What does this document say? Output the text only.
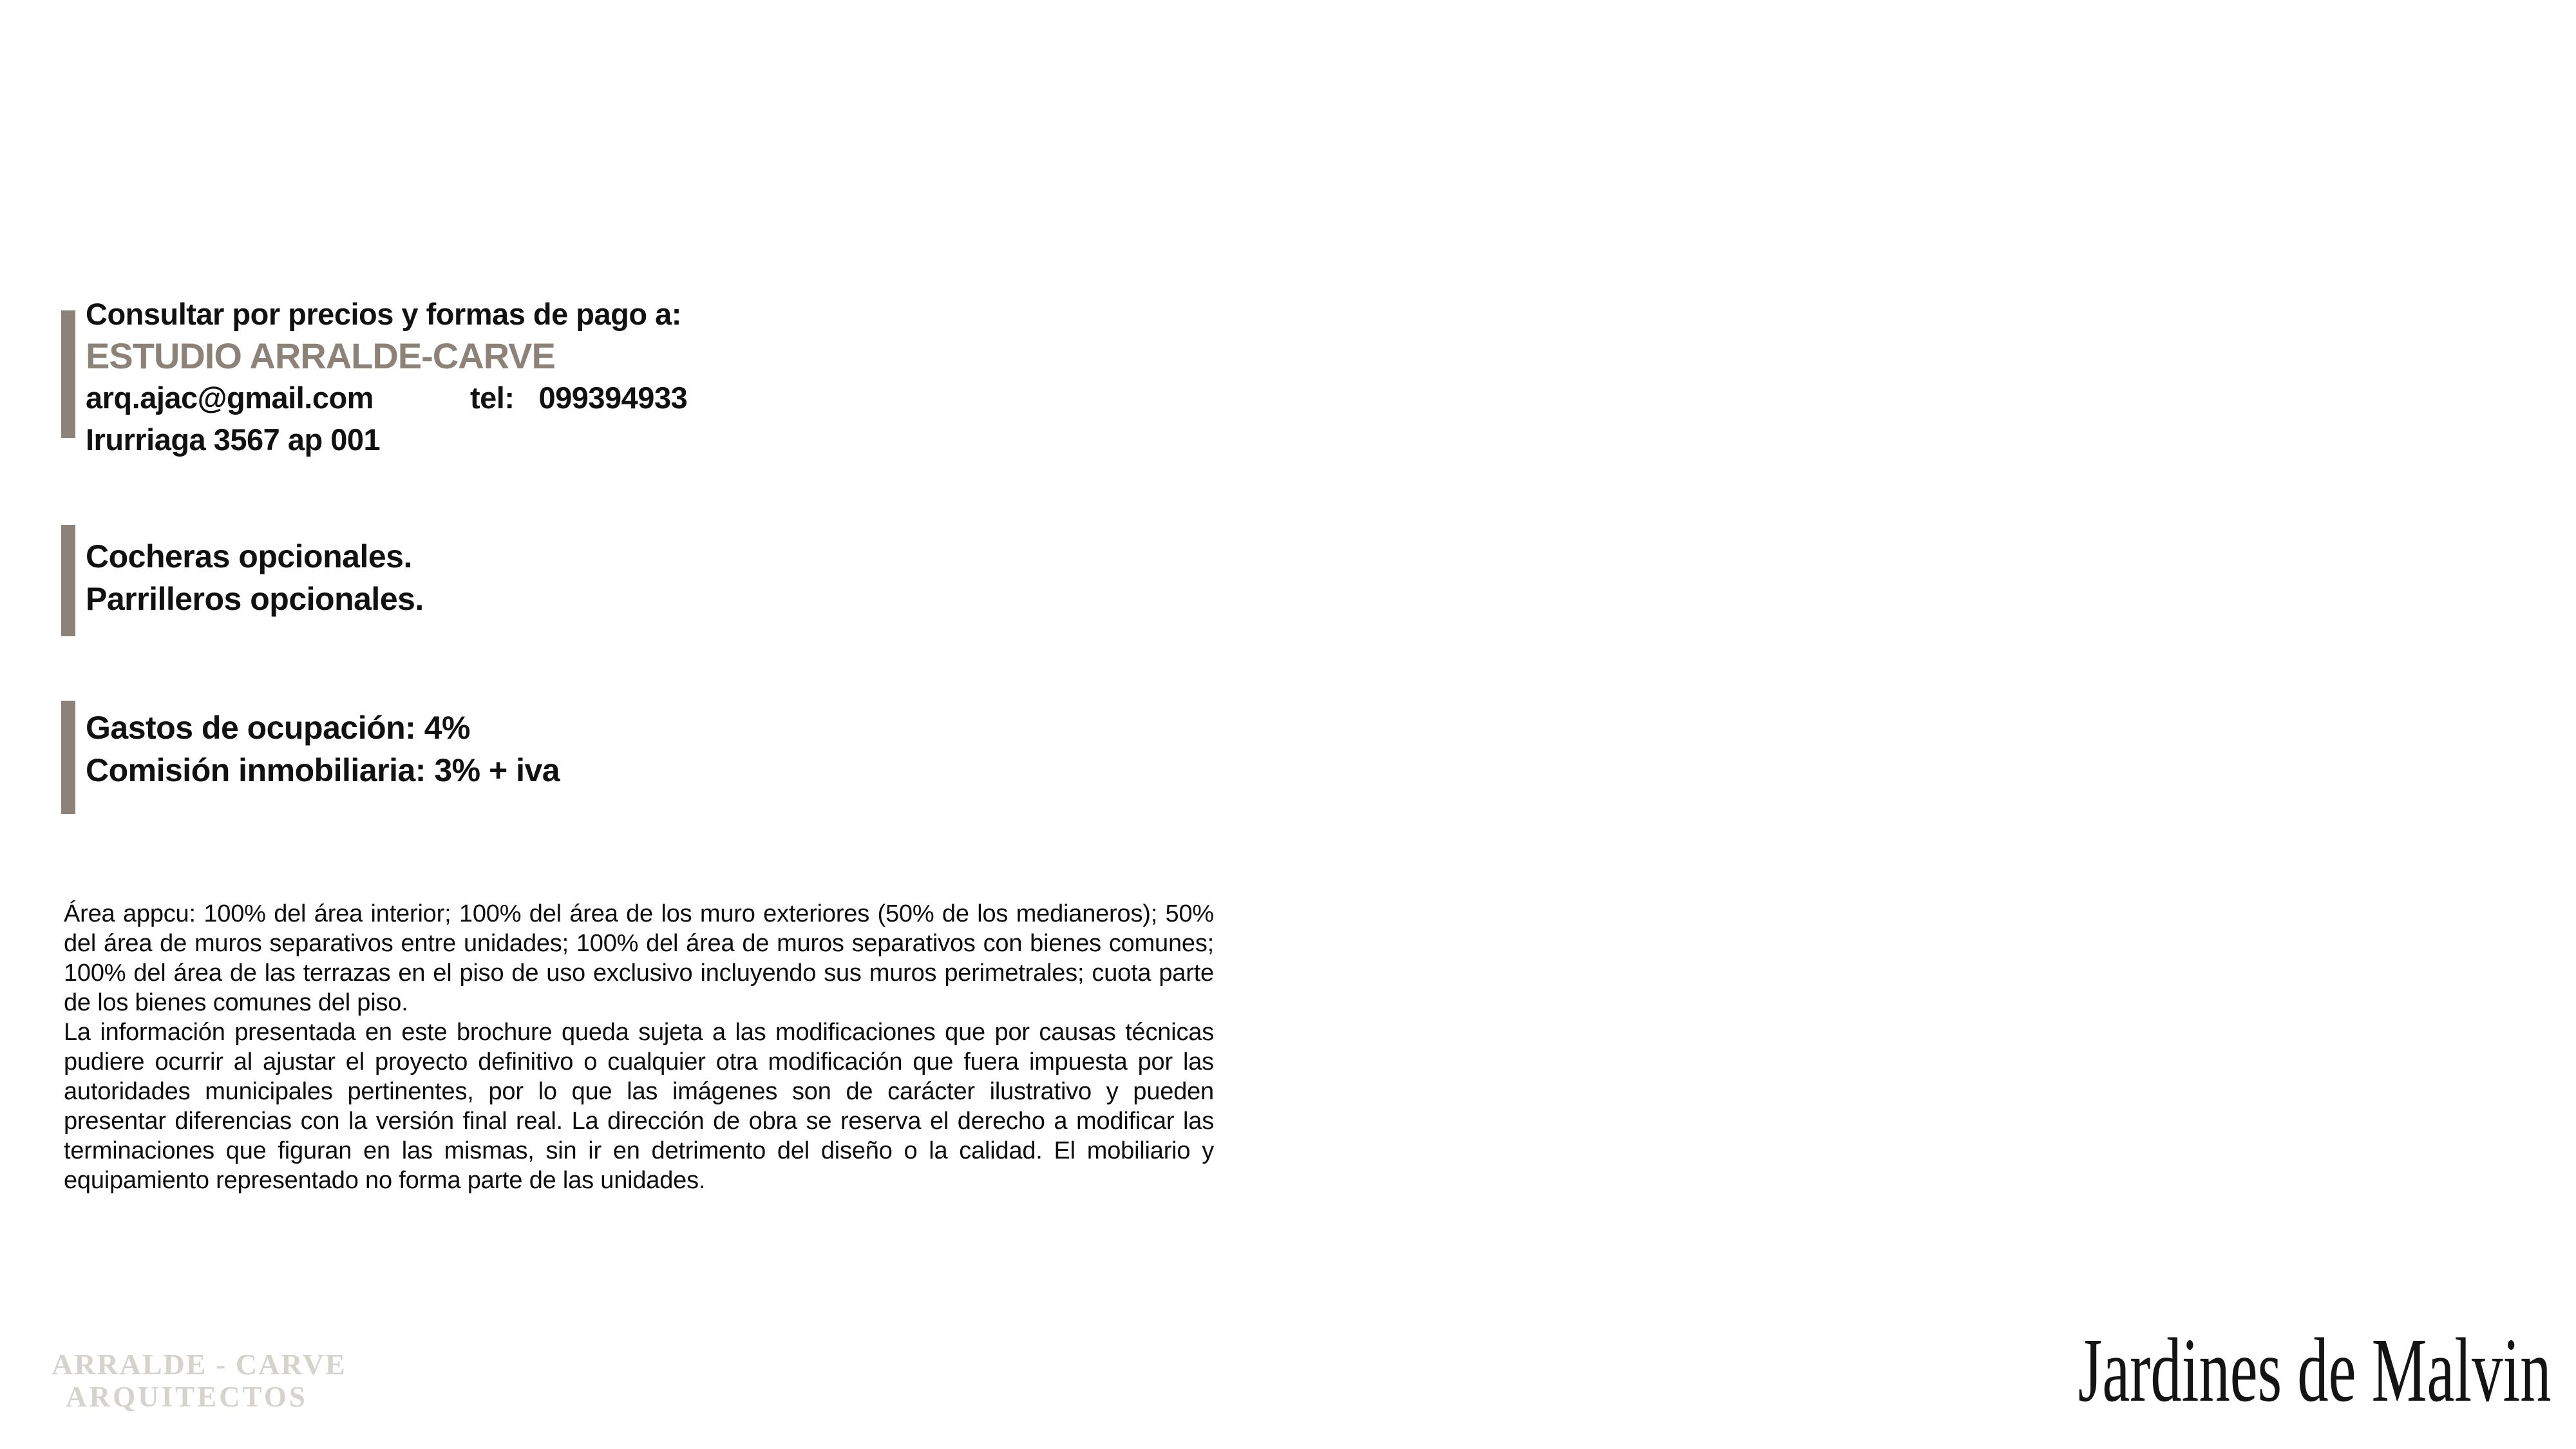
Consultar por precios y formas de pago a:
ESTUDIO ARRALDE-CARVE
arq.ajac@gmail.com	tel: 099394933
Irurriaga 3567 ap 001
Cocheras opcionales.
Parrilleros opcionales.
Gastos de ocupación: 4%
Comisión inmobiliaria: 3% + iva

Área appcu: 100% del área interior; 100% del área de los muro exteriores (50% de los medianeros); 50% del área de muros separativos entre unidades; 100% del área de muros separativos con bienes comunes; 100% del área de las terrazas en el piso de uso exclusivo incluyendo sus muros perimetrales; cuota parte de los bienes comunes del piso.

La información presentada en este brochure queda sujeta a las modificaciones que por causas técnicas pudiere ocurrir al ajustar el proyecto definitivo o cualquier otra modificación que fuera impuesta por las autoridades municipales pertinentes, por lo que las imágenes son de carácter ilustrativo y pueden presentar diferencias con la versión final real. La dirección de obra se reserva el derecho a modificar las terminaciones que figuran en las mismas, sin ir en detrimento del diseño o la calidad. El mobiliario y equipamiento representado no forma parte de las unidades.

ARRALDE - CARVE
ARQUITECTOS	Jardines de Malvin
